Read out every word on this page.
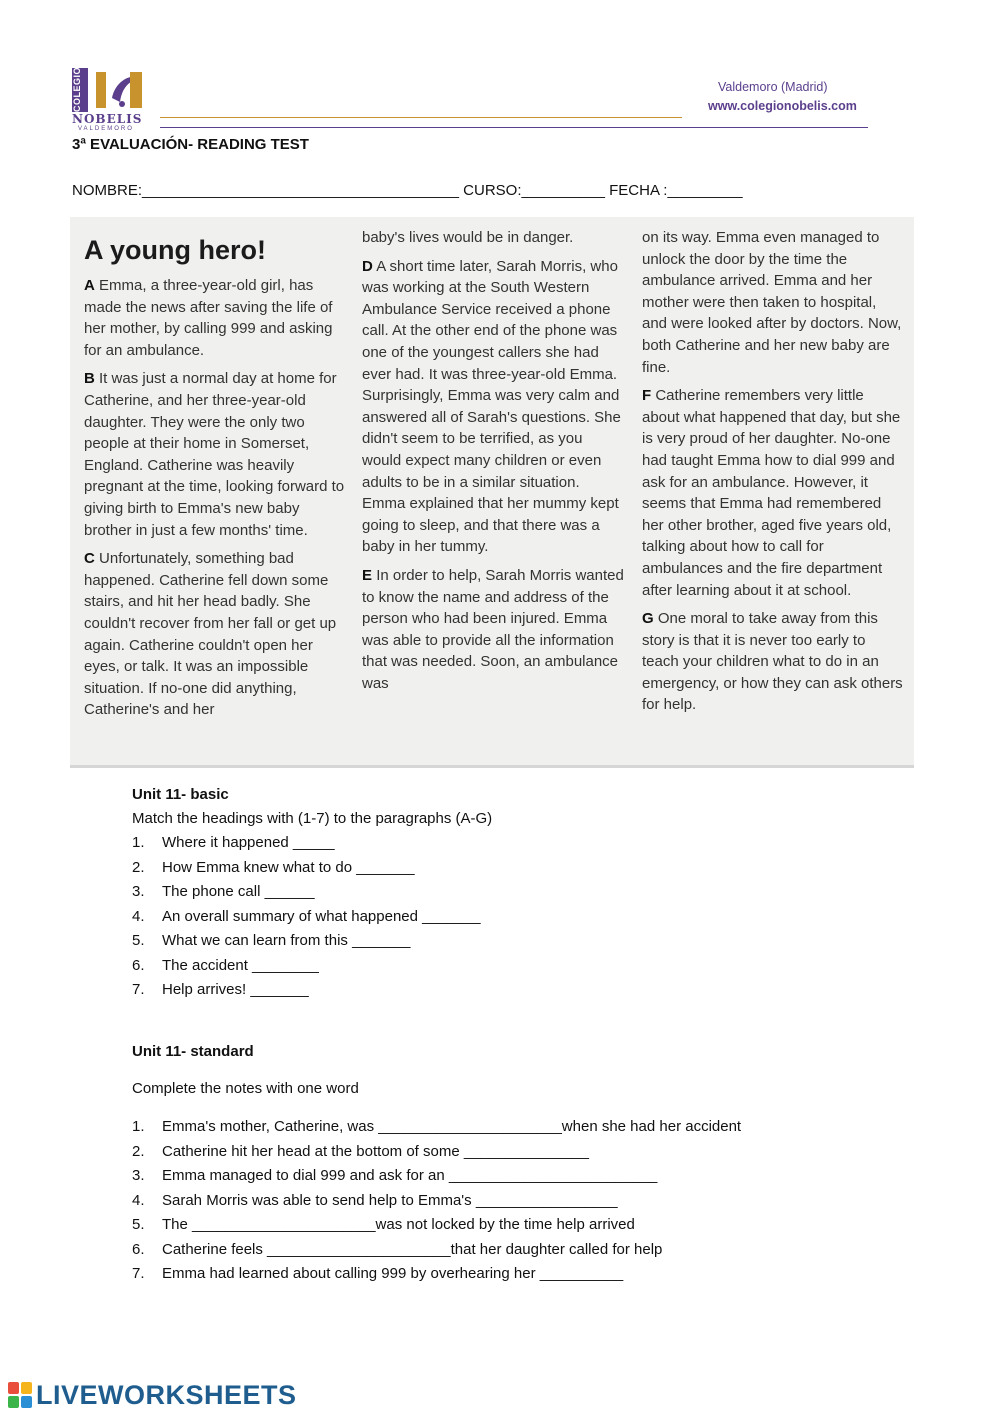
COLEGIO
NOBELIS
VALDEMORO
Valdemoro (Madrid)
www.colegionobelis.com
3ª EVALUACIÓN- READING TEST
NOMBRE:______________________________________ CURSO:__________ FECHA :_________
A young hero!

A Emma, a three-year-old girl, has made the news after saving the life of her mother, by calling 999 and asking for an ambulance.

B It was just a normal day at home for Catherine, and her three-year-old daughter. They were the only two people at their home in Somerset, England. Catherine was heavily pregnant at the time, looking forward to giving birth to Emma's new baby brother in just a few months' time.

C Unfortunately, something bad happened. Catherine fell down some stairs, and hit her head badly. She couldn't recover from her fall or get up again. Catherine couldn't open her eyes, or talk. It was an impossible situation. If no-one did anything, Catherine's and her

baby's lives would be in danger.

D A short time later, Sarah Morris, who was working at the South Western Ambulance Service received a phone call. At the other end of the phone was one of the youngest callers she had ever had. It was three-year-old Emma. Surprisingly, Emma was very calm and answered all of Sarah's questions. She didn't seem to be terrified, as you would expect many children or even adults to be in a similar situation. Emma explained that her mummy kept going to sleep, and that there was a baby in her tummy.

E In order to help, Sarah Morris wanted to know the name and address of the person who had been injured. Emma was able to provide all the information that was needed. Soon, an ambulance was

on its way. Emma even managed to unlock the door by the time the ambulance arrived. Emma and her mother were then taken to hospital, and were looked after by doctors. Now, both Catherine and her new baby are fine.

F Catherine remembers very little about what happened that day, but she is very proud of her daughter. No-one had taught Emma how to dial 999 and ask for an ambulance. However, it seems that Emma had remembered her other brother, aged five years old, talking about how to call for ambulances and the fire department after learning about it at school.

G One moral to take away from this story is that it is never too early to teach your children what to do in an emergency, or how they can ask others for help.

Unit 11- basic
Match the headings with (1-7) to the paragraphs (A-G)
1. Where it happened _____
2. How Emma knew what to do _______
3. The phone call ______
4. An overall summary of what happened _______
5. What we can learn from this _______
6. The accident ________
7. Help arrives! _______
Unit 11- standard
Complete the notes with one word
1. Emma's mother, Catherine, was ______________________when she had her accident
2. Catherine hit her head at the bottom of some _______________
3. Emma managed to dial 999 and ask for an _________________________
4. Sarah Morris was able to send help to Emma's _________________
5. The ______________________was not locked by the time help arrived
6. Catherine feels ______________________that her daughter called for help
7. Emma had learned about calling 999 by overhearing her __________
LIVEWORKSHEETS
